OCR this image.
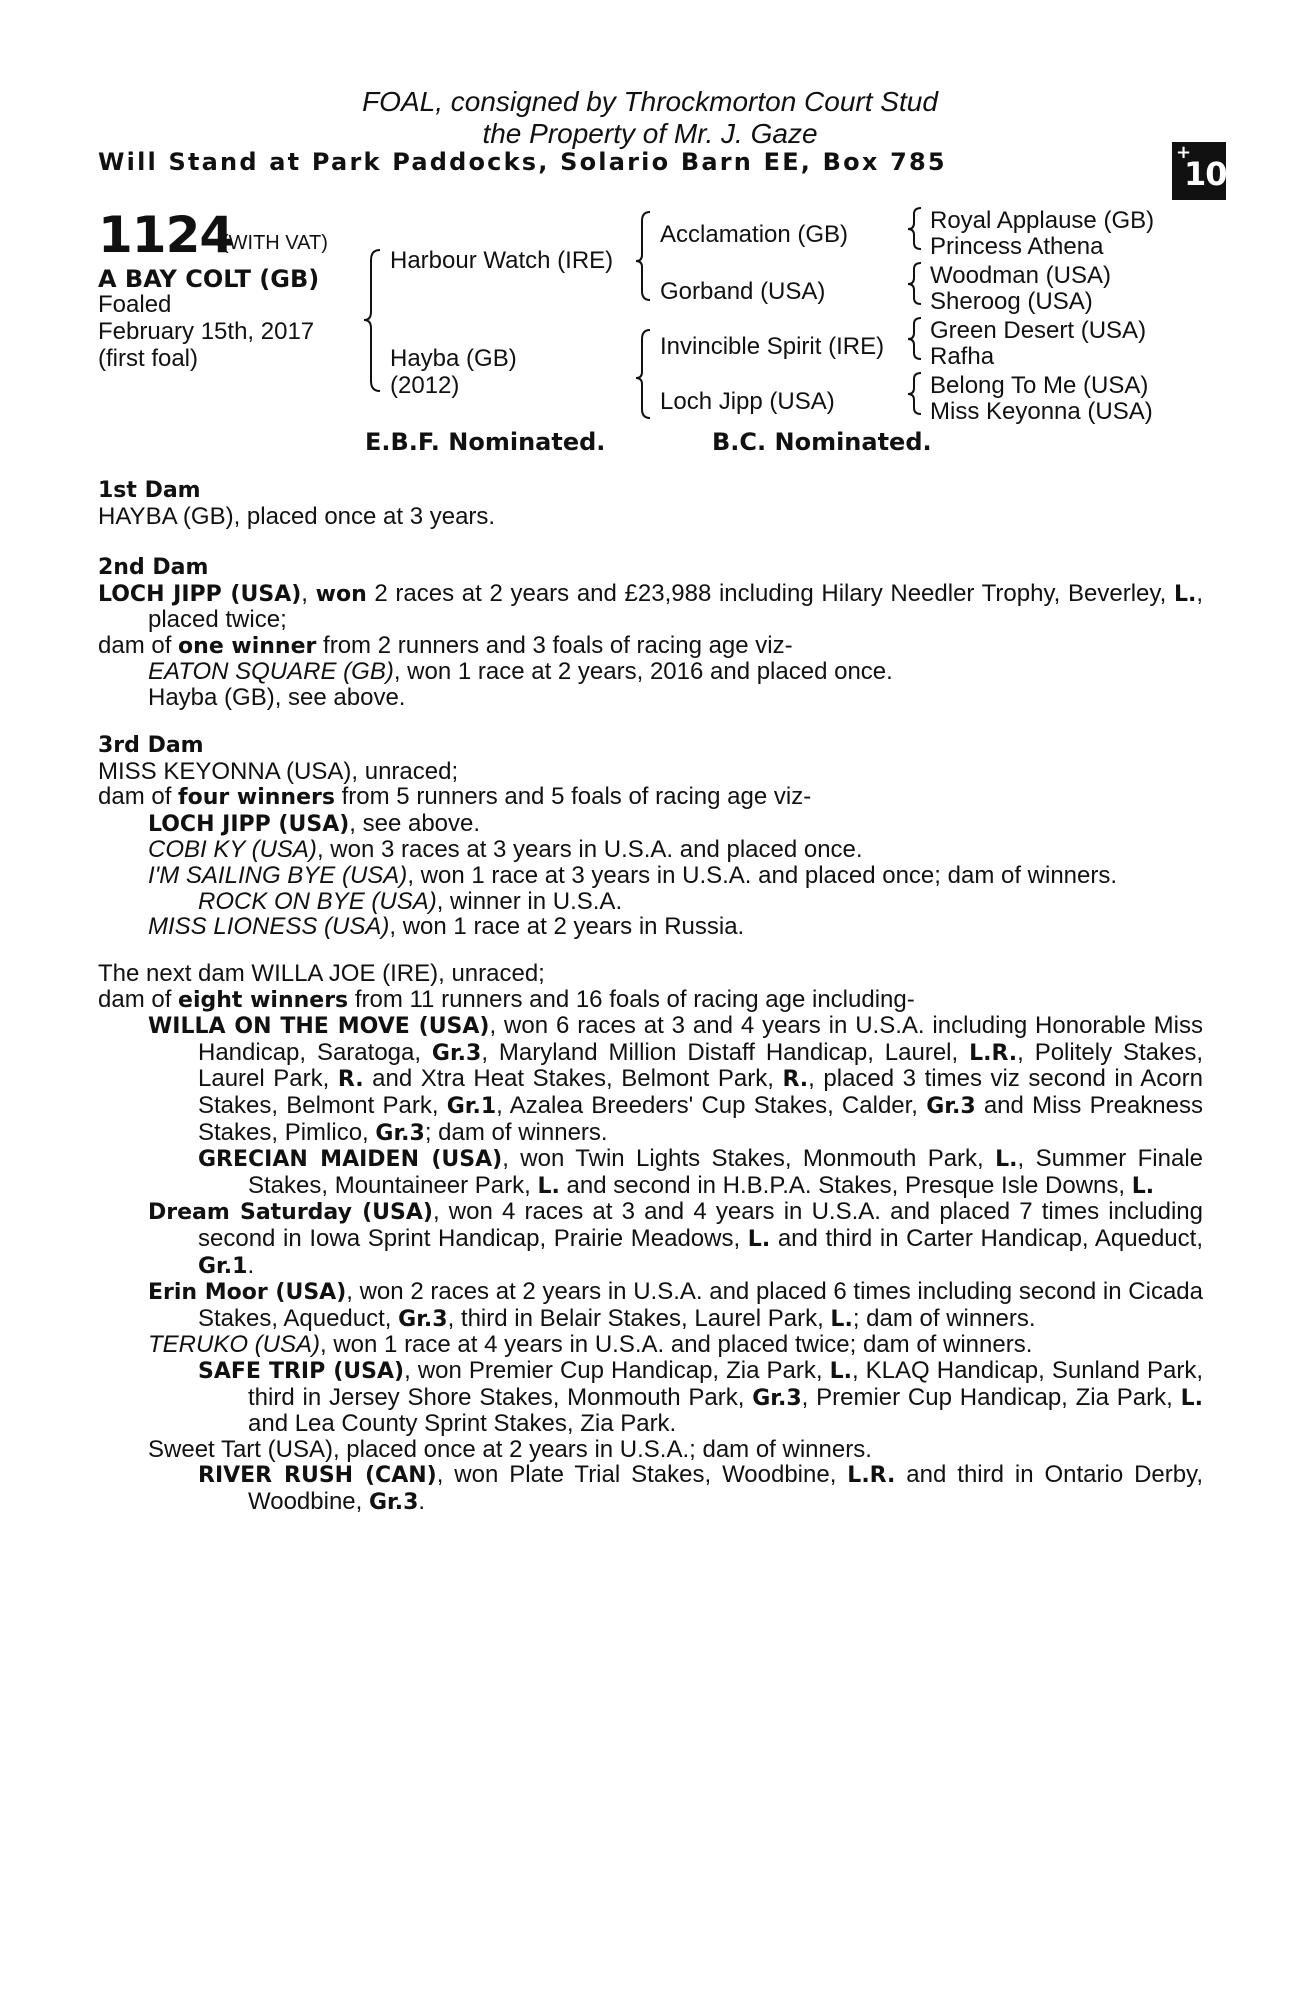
FOAL, consigned by Throckmorton Court Stud
the Property of Mr. J. Gaze
Will Stand at Park Paddocks, Solario Barn EE, Box 785	+
10
1124
(WITH VAT)
A BAY COLT (GB)
Foaled
February 15th, 2017
(first foal)
Harbour Watch (IRE)
Hayba (GB)
(2012)
Acclamation (GB)
Gorband (USA)
Invincible Spirit (IRE)
Loch Jipp (USA)
Royal Applause (GB)
Princess Athena
Woodman (USA)
Sheroog (USA)
Green Desert (USA)
Rafha
Belong To Me (USA)
Miss Keyonna (USA)
E.B.F. Nominated.	B.C. Nominated.
1st Dam
HAYBA (GB), placed once at 3 years.
2nd Dam
LOCH JIPP (USA), won 2 races at 2 years and £23,988 including Hilary Needler Trophy, Beverley, L., placed twice;
dam of one winner from 2 runners and 3 foals of racing age viz-
EATON SQUARE (GB), won 1 race at 2 years, 2016 and placed once.
Hayba (GB), see above.
3rd Dam
MISS KEYONNA (USA), unraced;
dam of four winners from 5 runners and 5 foals of racing age viz-
LOCH JIPP (USA), see above.
COBI KY (USA), won 3 races at 3 years in U.S.A. and placed once.
I'M SAILING BYE (USA), won 1 race at 3 years in U.S.A. and placed once; dam of winners.
ROCK ON BYE (USA), winner in U.S.A.
MISS LIONESS (USA), won 1 race at 2 years in Russia.
The next dam WILLA JOE (IRE), unraced;
dam of eight winners from 11 runners and 16 foals of racing age including-
WILLA ON THE MOVE (USA), won 6 races at 3 and 4 years in U.S.A. including Honorable Miss Handicap, Saratoga, Gr.3, Maryland Million Distaff Handicap, Laurel, L.R., Politely Stakes, Laurel Park, R. and Xtra Heat Stakes, Belmont Park, R., placed 3 times viz second in Acorn Stakes, Belmont Park, Gr.1, Azalea Breeders' Cup Stakes, Calder, Gr.3 and Miss Preakness Stakes, Pimlico, Gr.3; dam of winners.
GRECIAN MAIDEN (USA), won Twin Lights Stakes, Monmouth Park, L., Summer Finale Stakes, Mountaineer Park, L. and second in H.B.P.A. Stakes, Presque Isle Downs, L.
Dream Saturday (USA), won 4 races at 3 and 4 years in U.S.A. and placed 7 times including second in Iowa Sprint Handicap, Prairie Meadows, L. and third in Carter Handicap, Aqueduct, Gr.1.
Erin Moor (USA), won 2 races at 2 years in U.S.A. and placed 6 times including second in Cicada Stakes, Aqueduct, Gr.3, third in Belair Stakes, Laurel Park, L.; dam of winners.
TERUKO (USA), won 1 race at 4 years in U.S.A. and placed twice; dam of winners.
SAFE TRIP (USA), won Premier Cup Handicap, Zia Park, L., KLAQ Handicap, Sunland Park, third in Jersey Shore Stakes, Monmouth Park, Gr.3, Premier Cup Handicap, Zia Park, L. and Lea County Sprint Stakes, Zia Park.
Sweet Tart (USA), placed once at 2 years in U.S.A.; dam of winners.
RIVER RUSH (CAN), won Plate Trial Stakes, Woodbine, L.R. and third in Ontario Derby, Woodbine, Gr.3.
